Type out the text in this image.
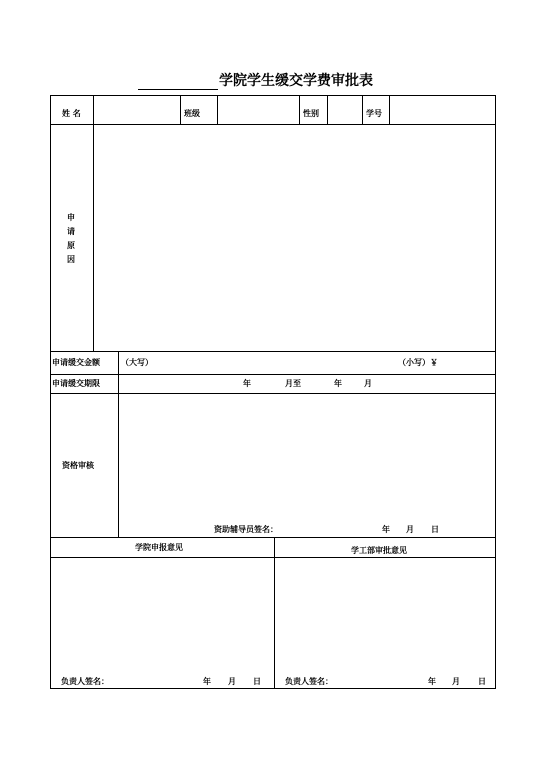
学院学生缓交学费审批表
姓 名	班级	性别	学号
申
请
原
因
申请缓交金额	（大写）	（小写）￥
申请缓交期限	年	月至	年	月
资格审核
资助辅导员签名：	年 月 日
学院申报意见
负责人签名：	年 月 日
学工部审批意见
负责人签名：	年 月 日
